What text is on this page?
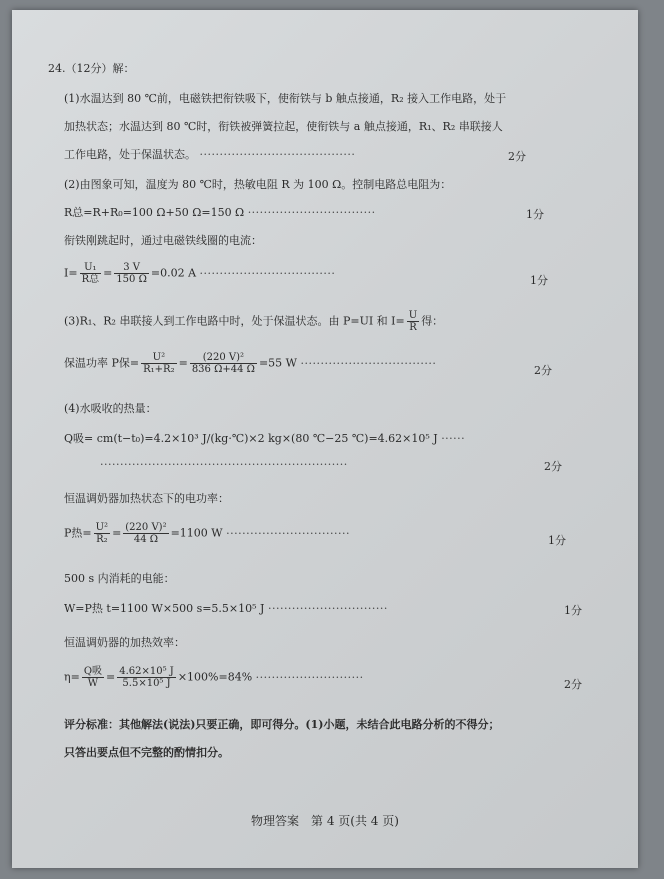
24.（12分）解：
(1)水温达到 80 ℃前，电磁铁把衔铁吸下，使衔铁与 b 触点接通，R₂ 接入工作电路，处于
加热状态；水温达到 80 ℃时，衔铁被弹簧拉起，使衔铁与 a 触点接通，R₁、R₂ 串联接人
工作电路，处于保温状态。 ·······································	2分
(2)由图象可知，温度为 80 ℃时，热敏电阻 R 为 100 Ω。控制电路总电阻为：
R总=R+R₀=100 Ω+50 Ω=150 Ω ································	1分
衔铁刚跳起时，通过电磁铁线圈的电流：
$I= \frac{\text{U₁}}{\text{R总}} = \frac{3 V}{150 \Omega} =0.02$ A ··································
1分
(3)R₁、R₂ 串联接人到工作电路中时，处于保温状态。由 P=UI 和 $I= \frac{U}{R}$ 得：
保温功率 P保= $\frac{\text{U²}}{\text{R₁+R₂}} = \frac{\text{(220 V)²}}{836 \Omega+44 \Omega} =55$ W ··································
2分
(4)水吸收的热量：
Q吸= cm(t−t₀)=4.2×10³ J/(kg·℃)×2 kg×(80 ℃−25 ℃)=4.62×10⁵ J ······
······························································	2分
恒温调奶器加热状态下的电功率：
P热= $\frac{\text{U²}}{\text{R₂}} = \frac{\text{(220 V)²}}{44 \Omega} =1100$ W ·······························
1分
500 s 内消耗的电能：
W=P热 t=1100 W×500 s=5.5×10⁵ J ······························	1分
恒温调奶器的加热效率：
$\eta= \frac{\text{Q吸}}{W} = \frac{\text{4.62×10⁵ J}}{\text{5.5×10⁵ J}} \times 100\%=84\%$ ···························
2分
评分标准：其他解法(说法)只要正确，即可得分。(1)小题，未结合此电路分析的不得分；
只答出要点但不完整的酌情扣分。
物理答案　第 4 页(共 4 页)
